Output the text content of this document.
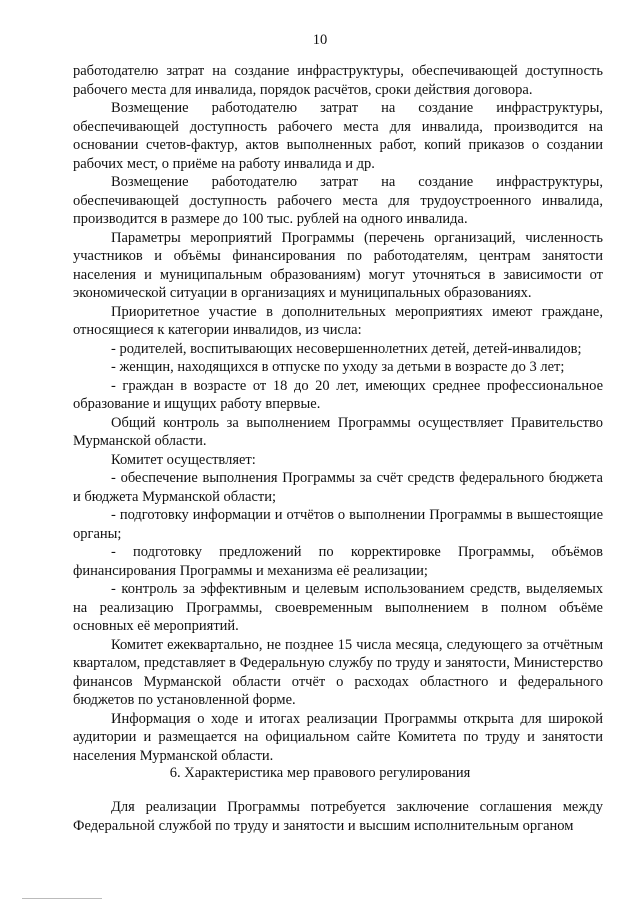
10

работодателю затрат на создание инфраструктуры, обеспечивающей доступность рабочего места для инвалида, порядок расчётов, сроки действия договора.

Возмещение работодателю затрат на создание инфраструктуры, обеспечивающей доступность рабочего места для инвалида, производится на основании счетов-фактур, актов выполненных работ, копий приказов о создании рабочих мест, о приёме на работу инвалида и др.

Возмещение работодателю затрат на создание инфраструктуры, обеспечивающей доступность рабочего места для трудоустроенного инвалида, производится в размере до 100 тыс. рублей на одного инвалида.

Параметры мероприятий Программы (перечень организаций, численность участников и объёмы финансирования по работодателям, центрам занятости населения и муниципальным образованиям) могут уточняться в зависимости от экономической ситуации в организациях и муниципальных образованиях.

Приоритетное участие в дополнительных мероприятиях имеют граждане, относящиеся к категории инвалидов, из числа:

- родителей, воспитывающих несовершеннолетних детей, детей-инвалидов;

- женщин, находящихся в отпуске по уходу за детьми в возрасте до 3 лет;

- граждан в возрасте от 18 до 20 лет, имеющих среднее профессиональное образование и ищущих работу впервые.

Общий контроль за выполнением Программы осуществляет Правительство Мурманской области.

Комитет осуществляет:

- обеспечение выполнения Программы за счёт средств федерального бюджета и бюджета Мурманской области;

- подготовку информации и отчётов о выполнении Программы в вышестоящие органы;

- подготовку предложений по корректировке Программы, объёмов финансирования Программы и механизма её реализации;

- контроль за эффективным и целевым использованием средств, выделяемых на реализацию Программы, своевременным выполнением в полном объёме основных её мероприятий.

Комитет ежеквартально, не позднее 15 числа месяца, следующего за отчётным кварталом, представляет в Федеральную службу по труду и занятости, Министерство финансов Мурманской области отчёт о расходах областного и федерального бюджетов по установленной форме.

Информация о ходе и итогах реализации Программы открыта для широкой аудитории и размещается на официальном сайте Комитета по труду и занятости населения Мурманской области.

6. Характеристика мер правового регулирования

Для реализации Программы потребуется заключение соглашения между Федеральной службой по труду и занятости и высшим исполнительным органом
